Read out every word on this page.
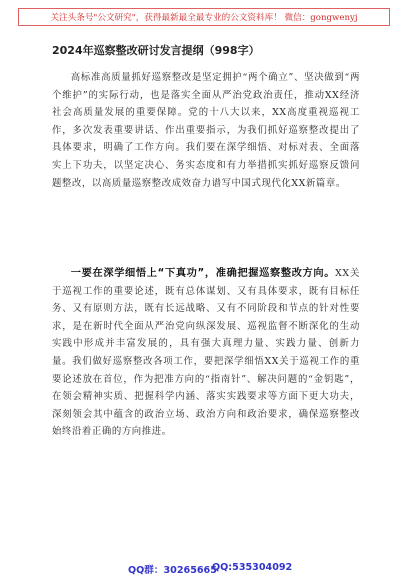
关注头条号"公文研究"，获得最新最全最专业的公文资料库！ 微信：gongwenyj
2024年巡察整改研讨发言提纲（998字）

高标准高质量抓好巡察整改是坚定拥护“两个确立”、坚决做到“两个维护”的实际行动，也是落实全面从严治党政治责任，推动XX经济社会高质量发展的重要保障。党的十八大以来，XX高度重视巡视工作，多次发表重要讲话、作出重要指示，为我们抓好巡察整改提出了具体要求，明确了工作方向。我们要在深学细悟、对标对表、全面落实上下功夫，以坚定决心、务实态度和有力举措抓实抓好巡察反馈问题整改，以高质量巡察整改成效奋力谱写中国式现代化XX新篇章。

一要在深学细悟上“下真功”，准确把握巡察整改方向。XX关于巡视工作的重要论述，既有总体谋划、又有具体要求，既有目标任务、又有原则方法，既有长远战略、又有不同阶段和节点的针对性要求，是在新时代全面从严治党向纵深发展、巡视监督不断深化的生动实践中形成并丰富发展的，具有强大真理力量、实践力量、创新力量。我们做好巡察整改各项工作，要把深学细悟XX关于巡视工作的重要论述放在首位，作为把准方向的“指南针”、解决问题的“金钥匙”，在领会精神实质、把握科学内涵、落实实践要求等方面下更大功夫，深刻领会其中蕴含的政治立场、政治方向和政治要求，确保巡察整改始终沿着正确的方向推进。

QQ群：30265665
QQ:535304092
